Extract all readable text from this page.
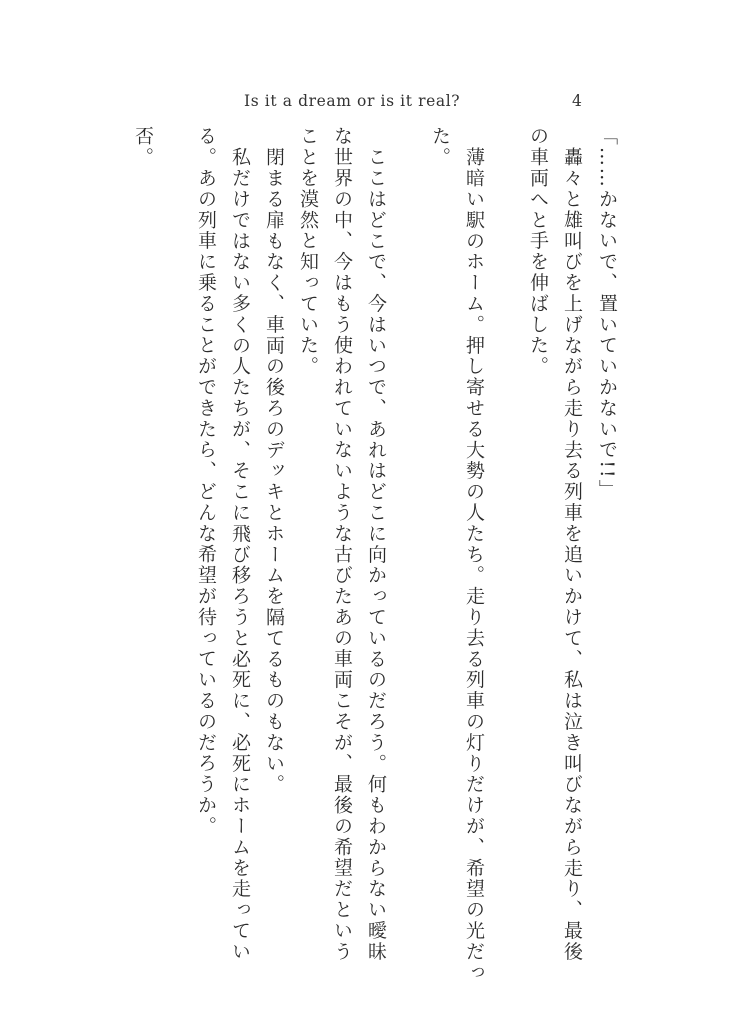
Is it a dream or is it real?	4
「……かないで、置いていかないで!!」
轟々と雄叫びを上げながら走り去る列車を追いかけて、私は泣き叫びながら走り、最後
の車両へと手を伸ばした。
薄暗い駅のホーム。押し寄せる大勢の人たち。走り去る列車の灯りだけが、希望の光だっ
た。
ここはどこで、今はいつで、あれはどこに向かっているのだろう。何もわからない曖昧
な世界の中、今はもう使われていないような古びたあの車両こそが、最後の希望だという
ことを漠然と知っていた。
閉まる扉もなく、車両の後ろのデッキとホームを隔てるものもない。
私だけではない多くの人たちが、そこに飛び移ろうと必死に、必死にホームを走ってい
る。あの列車に乗ることができたら、どんな希望が待っているのだろうか。
否。
